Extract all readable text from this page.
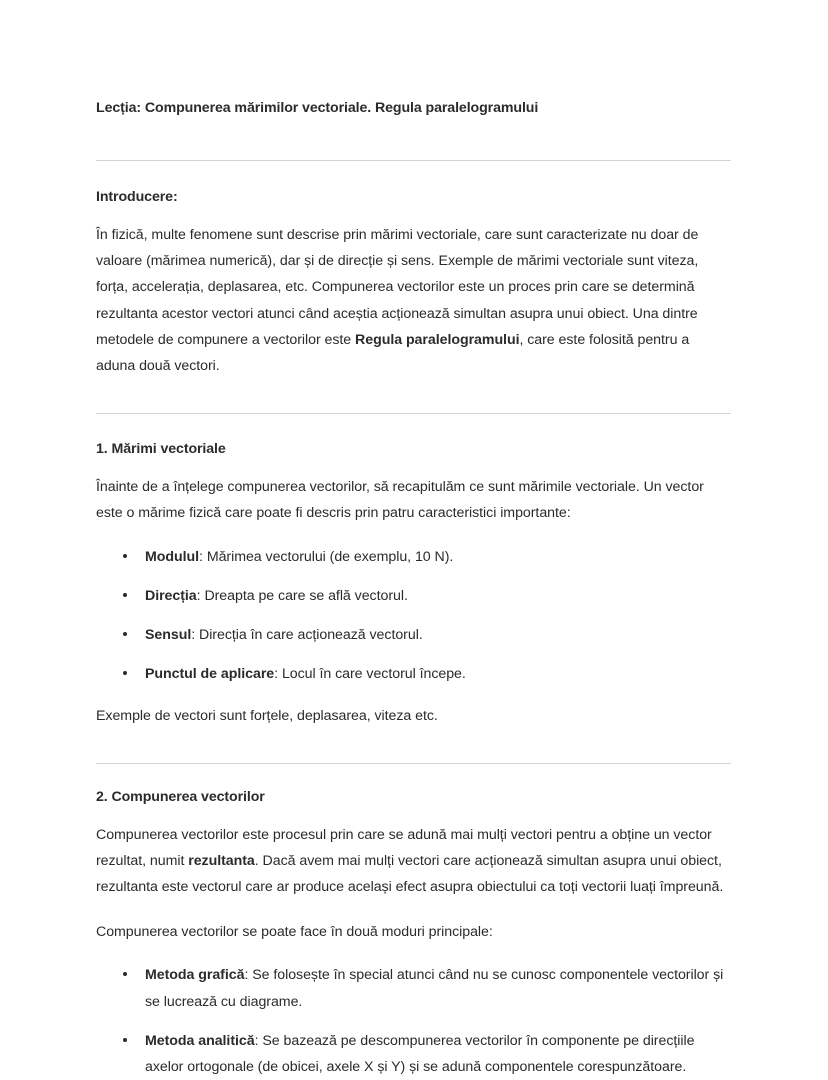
Lecția: Compunerea mărimilor vectoriale. Regula paralelogramului
Introducere:

În fizică, multe fenomene sunt descrise prin mărimi vectoriale, care sunt caracterizate nu doar de valoare (mărimea numerică), dar și de direcție și sens. Exemple de mărimi vectoriale sunt viteza, forța, accelerația, deplasarea, etc. Compunerea vectorilor este un proces prin care se determină rezultanta acestor vectori atunci când aceștia acționează simultan asupra unui obiect. Una dintre metodele de compunere a vectorilor este Regula paralelogramului, care este folosită pentru a aduna două vectori.

1. Mărimi vectoriale

Înainte de a înțelege compunerea vectorilor, să recapitulăm ce sunt mărimile vectoriale. Un vector este o mărime fizică care poate fi descris prin patru caracteristici importante:

Modulul: Mărimea vectorului (de exemplu, 10 N).
Direcția: Dreapta pe care se află vectorul.
Sensul: Direcția în care acționează vectorul.
Punctul de aplicare: Locul în care vectorul începe.

Exemple de vectori sunt forțele, deplasarea, viteza etc.

2. Compunerea vectorilor

Compunerea vectorilor este procesul prin care se adună mai mulți vectori pentru a obține un vector rezultat, numit rezultanta. Dacă avem mai mulți vectori care acționează simultan asupra unui obiect, rezultanta este vectorul care ar produce același efect asupra obiectului ca toți vectorii luați împreună.

Compunerea vectorilor se poate face în două moduri principale:

Metoda grafică: Se folosește în special atunci când nu se cunosc componentele vectorilor și se lucrează cu diagrame.
Metoda analitică: Se bazează pe descompunerea vectorilor în componente pe direcțiile axelor ortogonale (de obicei, axele X și Y) și se adună componentele corespunzătoare.
